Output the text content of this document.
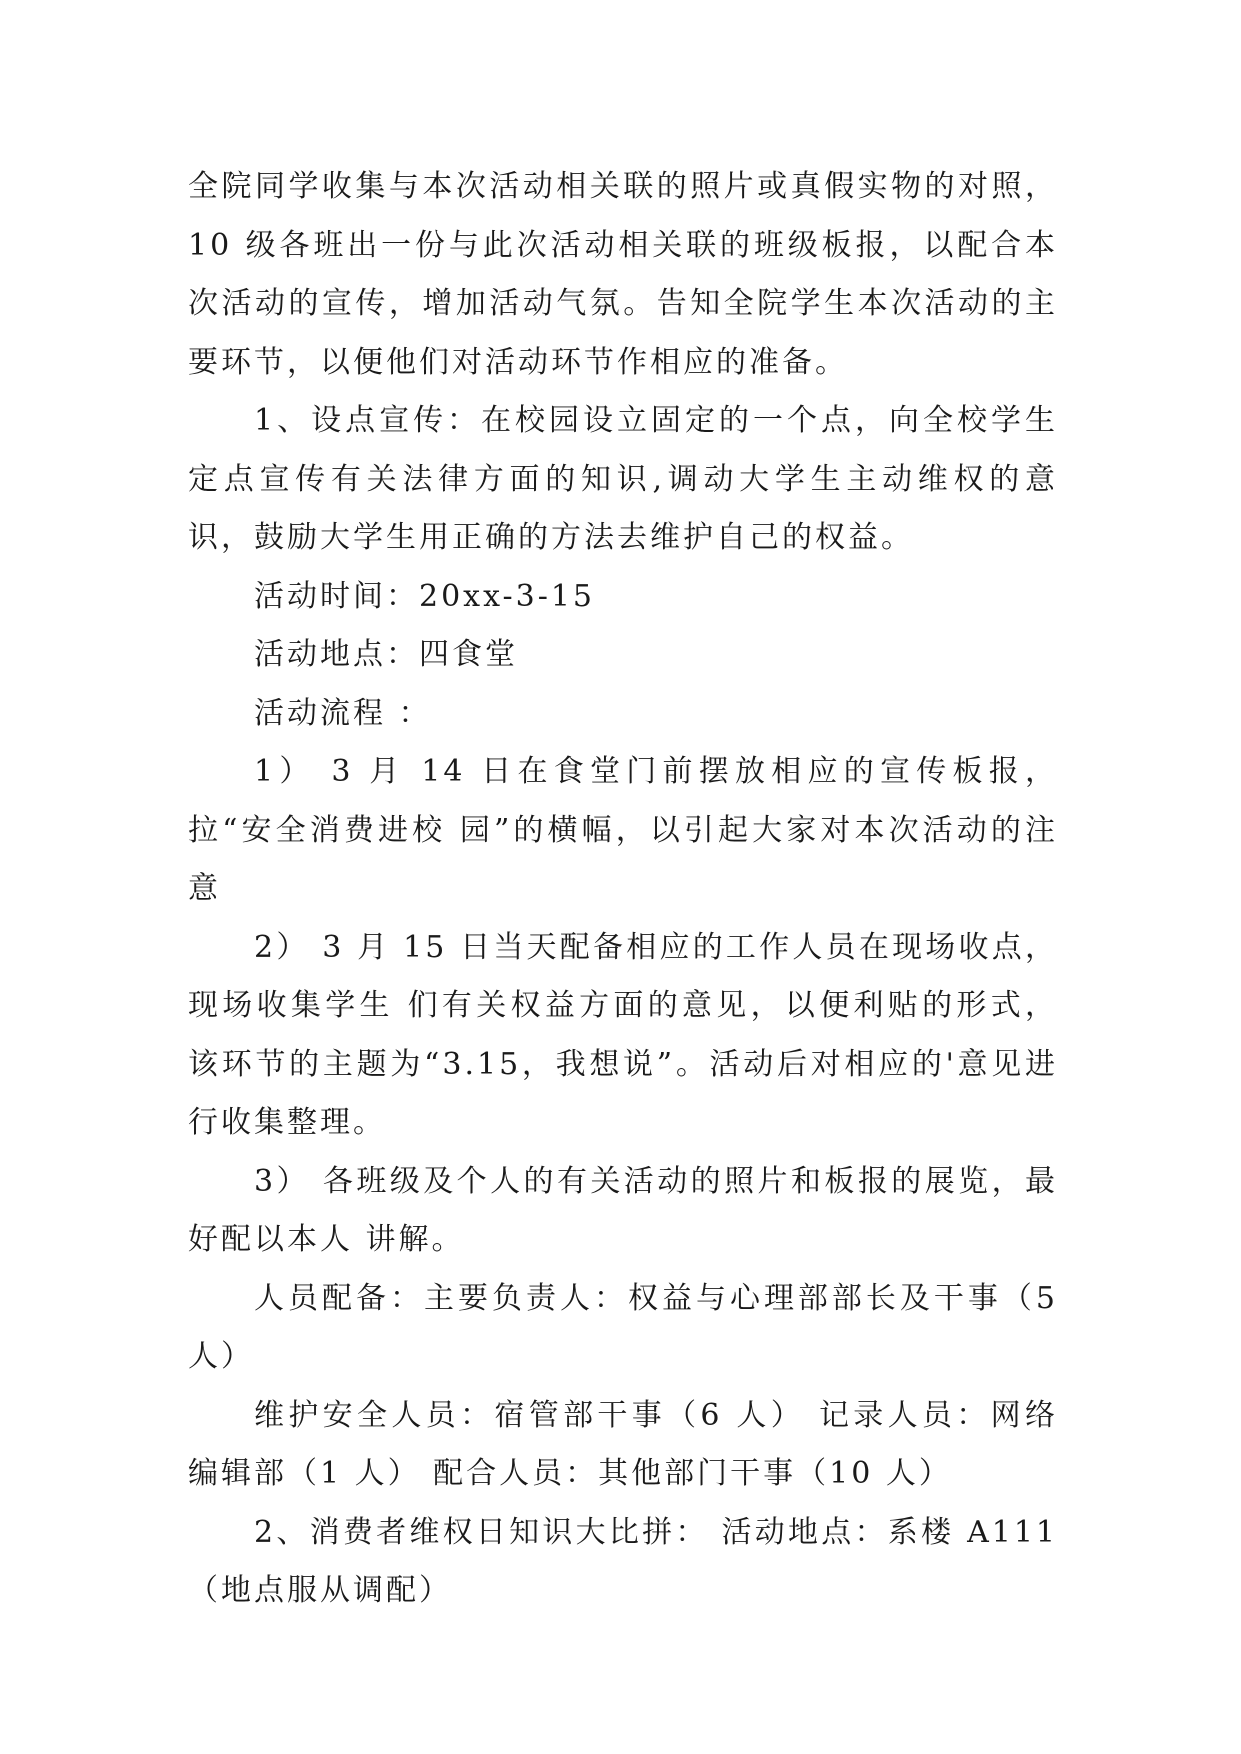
全院同学收集与本次活动相关联的照片或真假实物的对照，10 级各班出一份与此次活动相关联的班级板报，以配合本次活动的宣传，增加活动气氛。告知全院学生本次活动的主要环节，以便他们对活动环节作相应的准备。

1、设点宣传：在校园设立固定的一个点，向全校学生定点宣传有关法律方面的知识,调动大学生主动维权的意识，鼓励大学生用正确的方法去维护自己的权益。

活动时间：20xx-3-15

活动地点：四食堂

活动流程 ：

1） 3 月 14 日在食堂门前摆放相应的宣传板报，拉“安全消费进校 园”的横幅，以引起大家对本次活动的注意

2） 3 月 15 日当天配备相应的工作人员在现场收点，现场收集学生 们有关权益方面的意见，以便利贴的形式，该环节的主题为“3.15，我想说”。活动后对相应的'意见进行收集整理。

3） 各班级及个人的有关活动的照片和板报的展览，最好配以本人 讲解。

人员配备：主要负责人：权益与心理部部长及干事（5人）

维护安全人员：宿管部干事（6 人） 记录人员：网络编辑部（1 人） 配合人员：其他部门干事（10 人）

2、消费者维权日知识大比拼： 活动地点：系楼 A111（地点服从调配）
